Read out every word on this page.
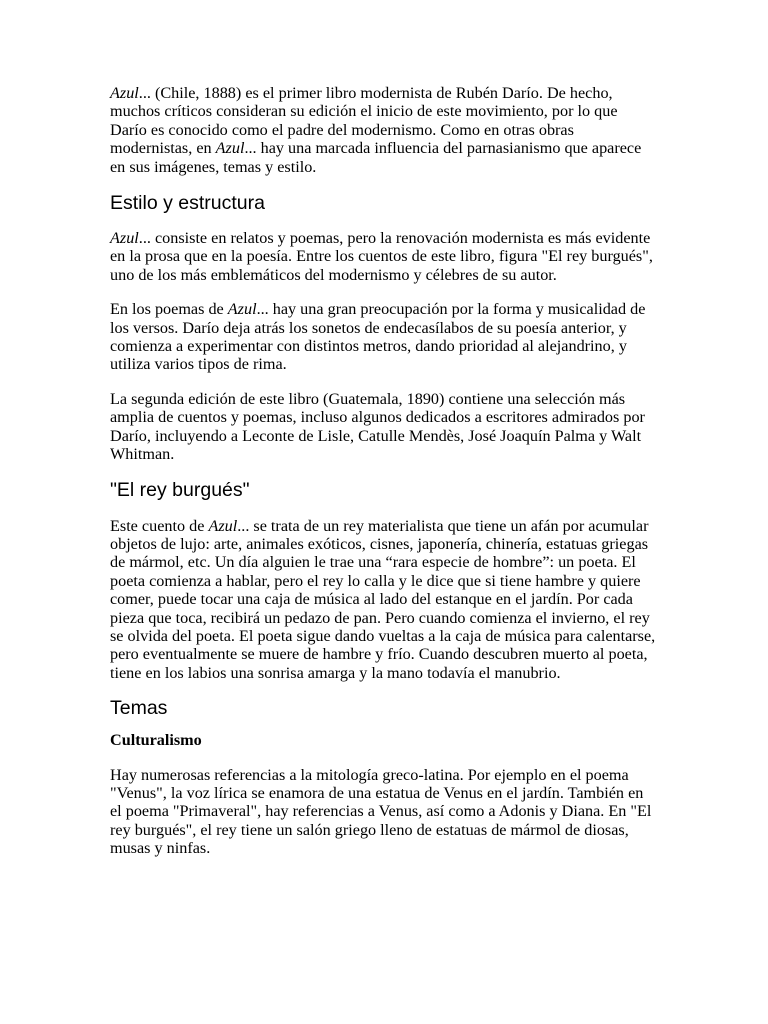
Azul... (Chile, 1888) es el primer libro modernista de Rubén Darío. De hecho, muchos críticos consideran su edición el inicio de este movimiento, por lo que Darío es conocido como el padre del modernismo. Como en otras obras modernistas, en Azul... hay una marcada influencia del parnasianismo que aparece en sus imágenes, temas y estilo.

Estilo y estructura

Azul... consiste en relatos y poemas, pero la renovación modernista es más evidente en la prosa que en la poesía. Entre los cuentos de este libro, figura "El rey burgués", uno de los más emblemáticos del modernismo y célebres de su autor.

En los poemas de Azul... hay una gran preocupación por la forma y musicalidad de los versos. Darío deja atrás los sonetos de endecasílabos de su poesía anterior, y comienza a experimentar con distintos metros, dando prioridad al alejandrino, y utiliza varios tipos de rima.

La segunda edición de este libro (Guatemala, 1890) contiene una selección más amplia de cuentos y poemas, incluso algunos dedicados a escritores admirados por Darío, incluyendo a Leconte de Lisle, Catulle Mendès, José Joaquín Palma y Walt Whitman.

"El rey burgués"

Este cuento de Azul... se trata de un rey materialista que tiene un afán por acumular objetos de lujo: arte, animales exóticos, cisnes, japonería, chinería, estatuas griegas de mármol, etc. Un día alguien le trae una “rara especie de hombre”: un poeta. El poeta comienza a hablar, pero el rey lo calla y le dice que si tiene hambre y quiere comer, puede tocar una caja de música al lado del estanque en el jardín. Por cada pieza que toca, recibirá un pedazo de pan. Pero cuando comienza el invierno, el rey se olvida del poeta. El poeta sigue dando vueltas a la caja de música para calentarse, pero eventualmente se muere de hambre y frío. Cuando descubren muerto al poeta, tiene en los labios una sonrisa amarga y la mano todavía el manubrio.

Temas
Culturalismo

Hay numerosas referencias a la mitología greco-latina. Por ejemplo en el poema "Venus", la voz lírica se enamora de una estatua de Venus en el jardín. También en el poema "Primaveral", hay referencias a Venus, así como a Adonis y Diana. En "El rey burgués", el rey tiene un salón griego lleno de estatuas de mármol de diosas, musas y ninfas.
